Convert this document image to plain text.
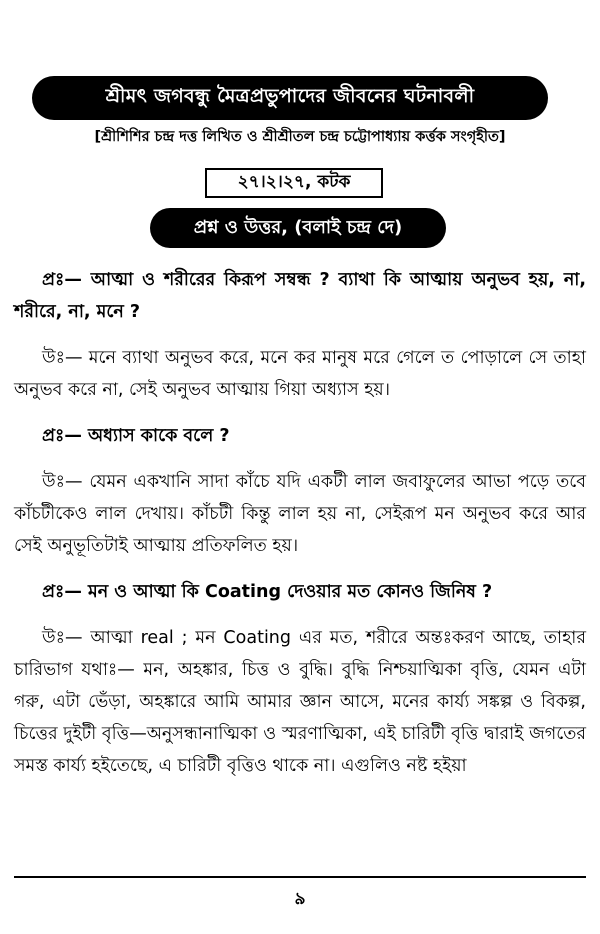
শ্রীমৎ জগবন্ধু মৈত্রপ্রভুপাদের জীবনের ঘটনাবলী
[শ্রীশিশির চন্দ্র দত্ত লিখিত ও শ্রীশ্রীতল চন্দ্র চট্টোপাধ্যায় কর্ত্তক সংগৃহীত]
২৭।২।২৭, কটক
প্রশ্ন ও উত্তর, (বলাই চন্দ্র দে)

প্রঃ— আত্মা ও শরীরের কিরূপ সম্বন্ধ ? ব্যাথা কি আত্মায় অনুভব হয়, না, শরীরে, না, মনে ?

উঃ— মনে ব্যাথা অনুভব করে, মনে কর মানুষ মরে গেলে ত পোড়ালে সে তাহা অনুভব করে না, সেই অনুভব আত্মায় গিয়া অধ্যাস হয়।

প্রঃ— অধ্যাস কাকে বলে ?

উঃ— যেমন একখানি সাদা কাঁচে যদি একটী লাল জবাফুলের আভা পড়ে তবে কাঁচটীকেও লাল দেখায়। কাঁচটী কিন্তু লাল হয় না, সেইরূপ মন অনুভব করে আর সেই অনুভূতিটাই আত্মায় প্রতিফলিত হয়।

প্রঃ— মন ও আত্মা কি Coating দেওয়ার মত কোনও জিনিষ ?

উঃ— আত্মা real ; মন Coating এর মত, শরীরে অন্তঃকরণ আছে, তাহার চারিভাগ যথাঃ— মন, অহঙ্কার, চিত্ত ও বুদ্ধি। বুদ্ধি নিশ্চয়াত্মিকা বৃত্তি, যেমন এটা গরু, এটা ভেঁড়া, অহঙ্কারে আমি আমার জ্ঞান আসে, মনের কার্য্য সঙ্কল্প ও বিকল্প, চিত্তের দুইটী বৃত্তি—অনুসন্ধানাত্মিকা ও স্মরণাত্মিকা, এই চারিটী বৃত্তি দ্বারাই জগতের সমস্ত কার্য্য হইতেছে, এ চারিটী বৃত্তিও থাকে না। এগুলিও নষ্ট হইয়া

৯
